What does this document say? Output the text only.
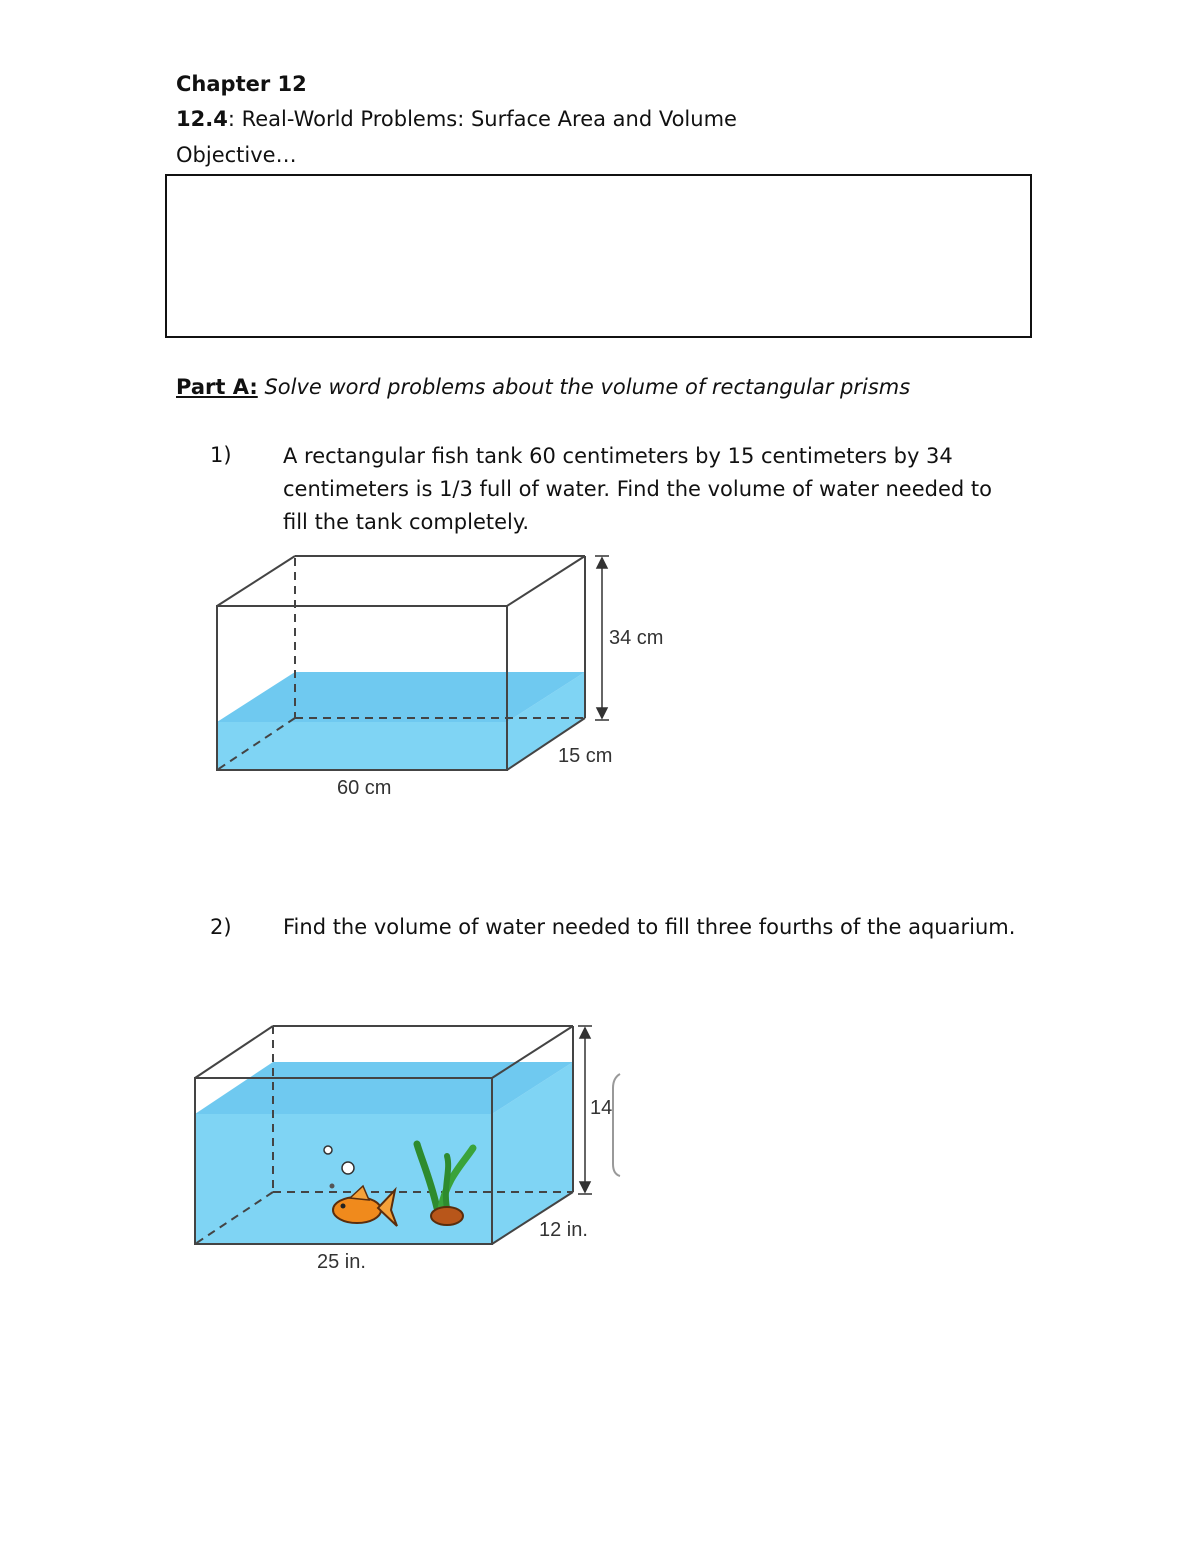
Chapter 12
12.4: Real-World Problems: Surface Area and Volume
Objective…
Part A: Solve word problems about the volume of rectangular prisms
1) A rectangular fish tank 60 centimeters by 15 centimeters by 34 centimeters is 1/3 full of water. Find the volume of water needed to fill the tank completely.
34 cm
15 cm
60 cm
2) Find the volume of water needed to fill three fourths of the aquarium.
14
12 in.
25 in.
